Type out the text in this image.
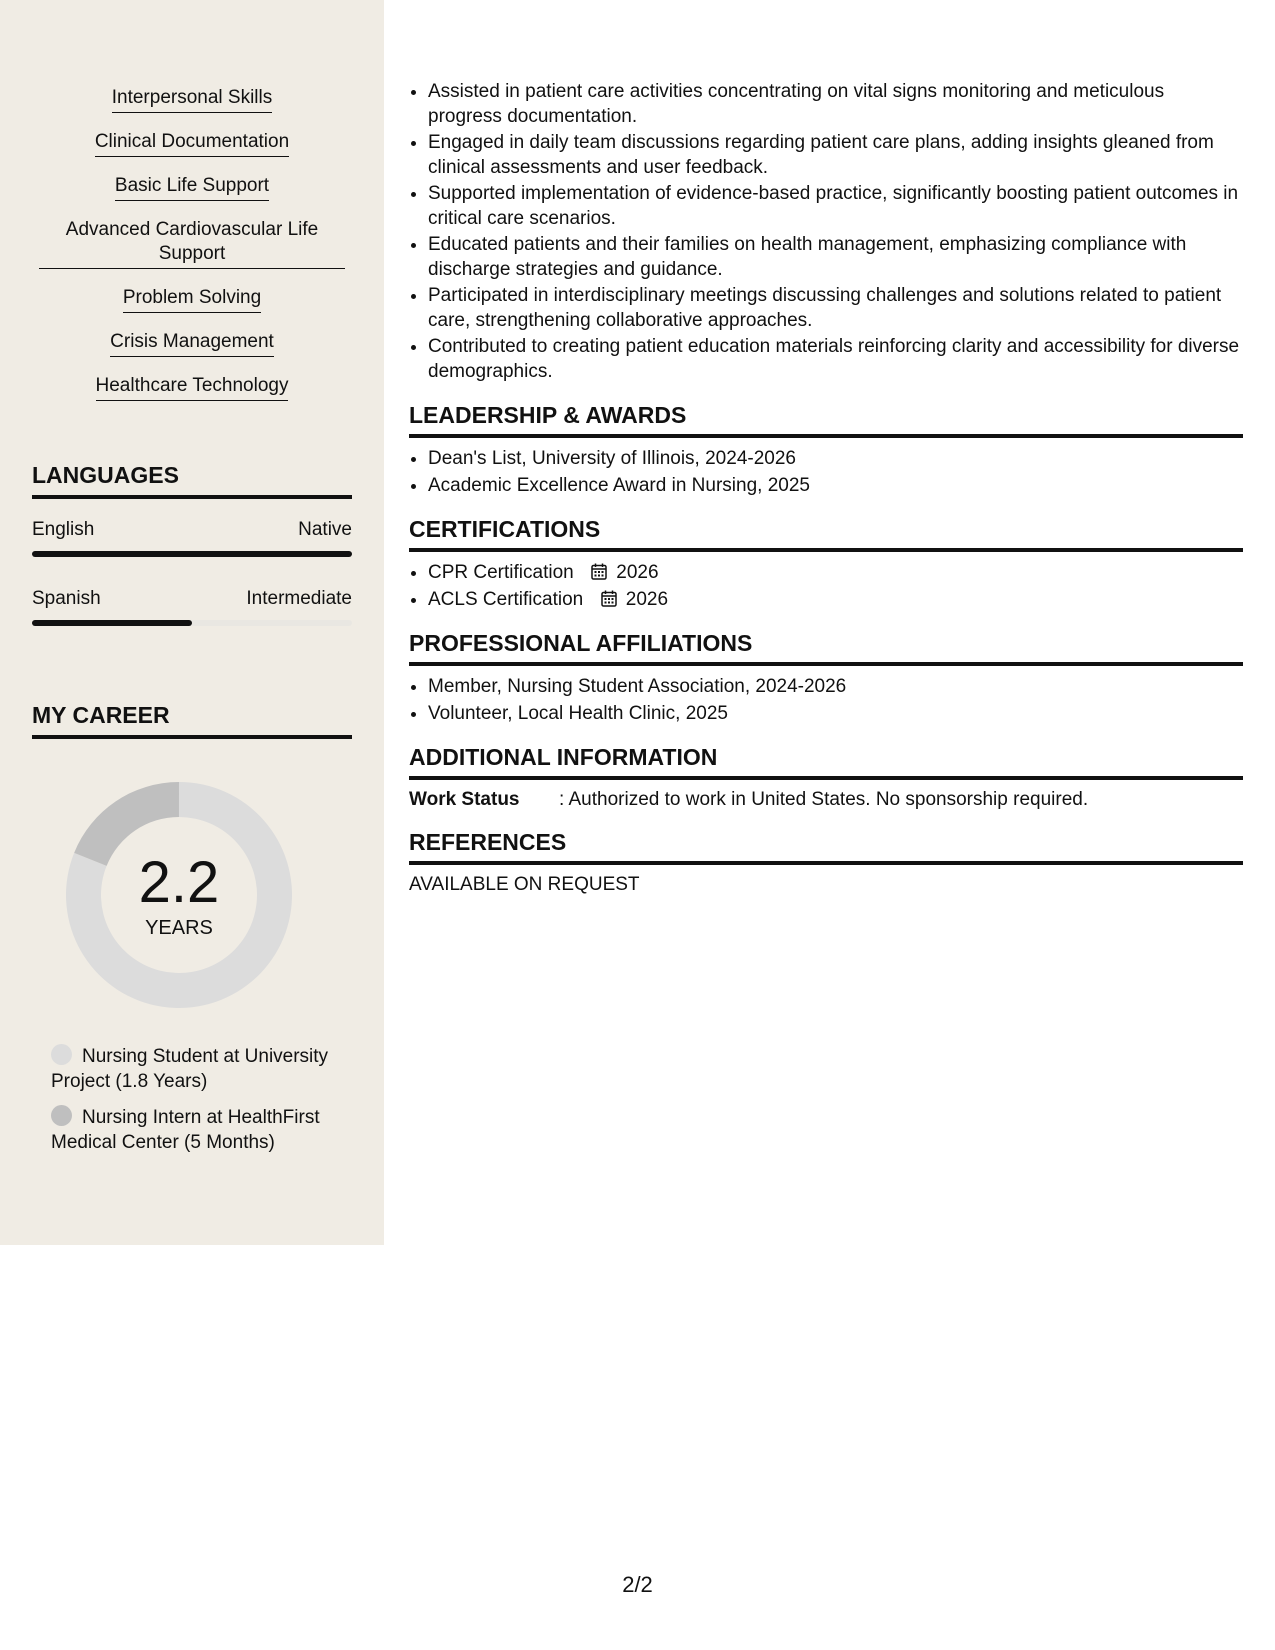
Interpersonal Skills
Clinical Documentation
Basic Life Support
Advanced Cardiovascular Life Support
Problem Solving
Crisis Management
Healthcare Technology
LANGUAGES
English	Native
Spanish	Intermediate
MY CAREER
2.2
YEARS
Nursing Student at University Project (1.8 Years)
Nursing Intern at HealthFirst Medical Center (5 Months)
• Assisted in patient care activities concentrating on vital signs monitoring and meticulous progress documentation.
• Engaged in daily team discussions regarding patient care plans, adding insights gleaned from clinical assessments and user feedback.
• Supported implementation of evidence-based practice, significantly boosting patient outcomes in critical care scenarios.
• Educated patients and their families on health management, emphasizing compliance with discharge strategies and guidance.
• Participated in interdisciplinary meetings discussing challenges and solutions related to patient care, strengthening collaborative approaches.
• Contributed to creating patient education materials reinforcing clarity and accessibility for diverse demographics.
LEADERSHIP & AWARDS
• Dean's List, University of Illinois, 2024-2026
• Academic Excellence Award in Nursing, 2025
CERTIFICATIONS
• CPR Certification 2026
• ACLS Certification 2026
PROFESSIONAL AFFILIATIONS
• Member, Nursing Student Association, 2024-2026
• Volunteer, Local Health Clinic, 2025
ADDITIONAL INFORMATION
Work Status	: Authorized to work in United States. No sponsorship required.
REFERENCES
AVAILABLE ON REQUEST
2/2
